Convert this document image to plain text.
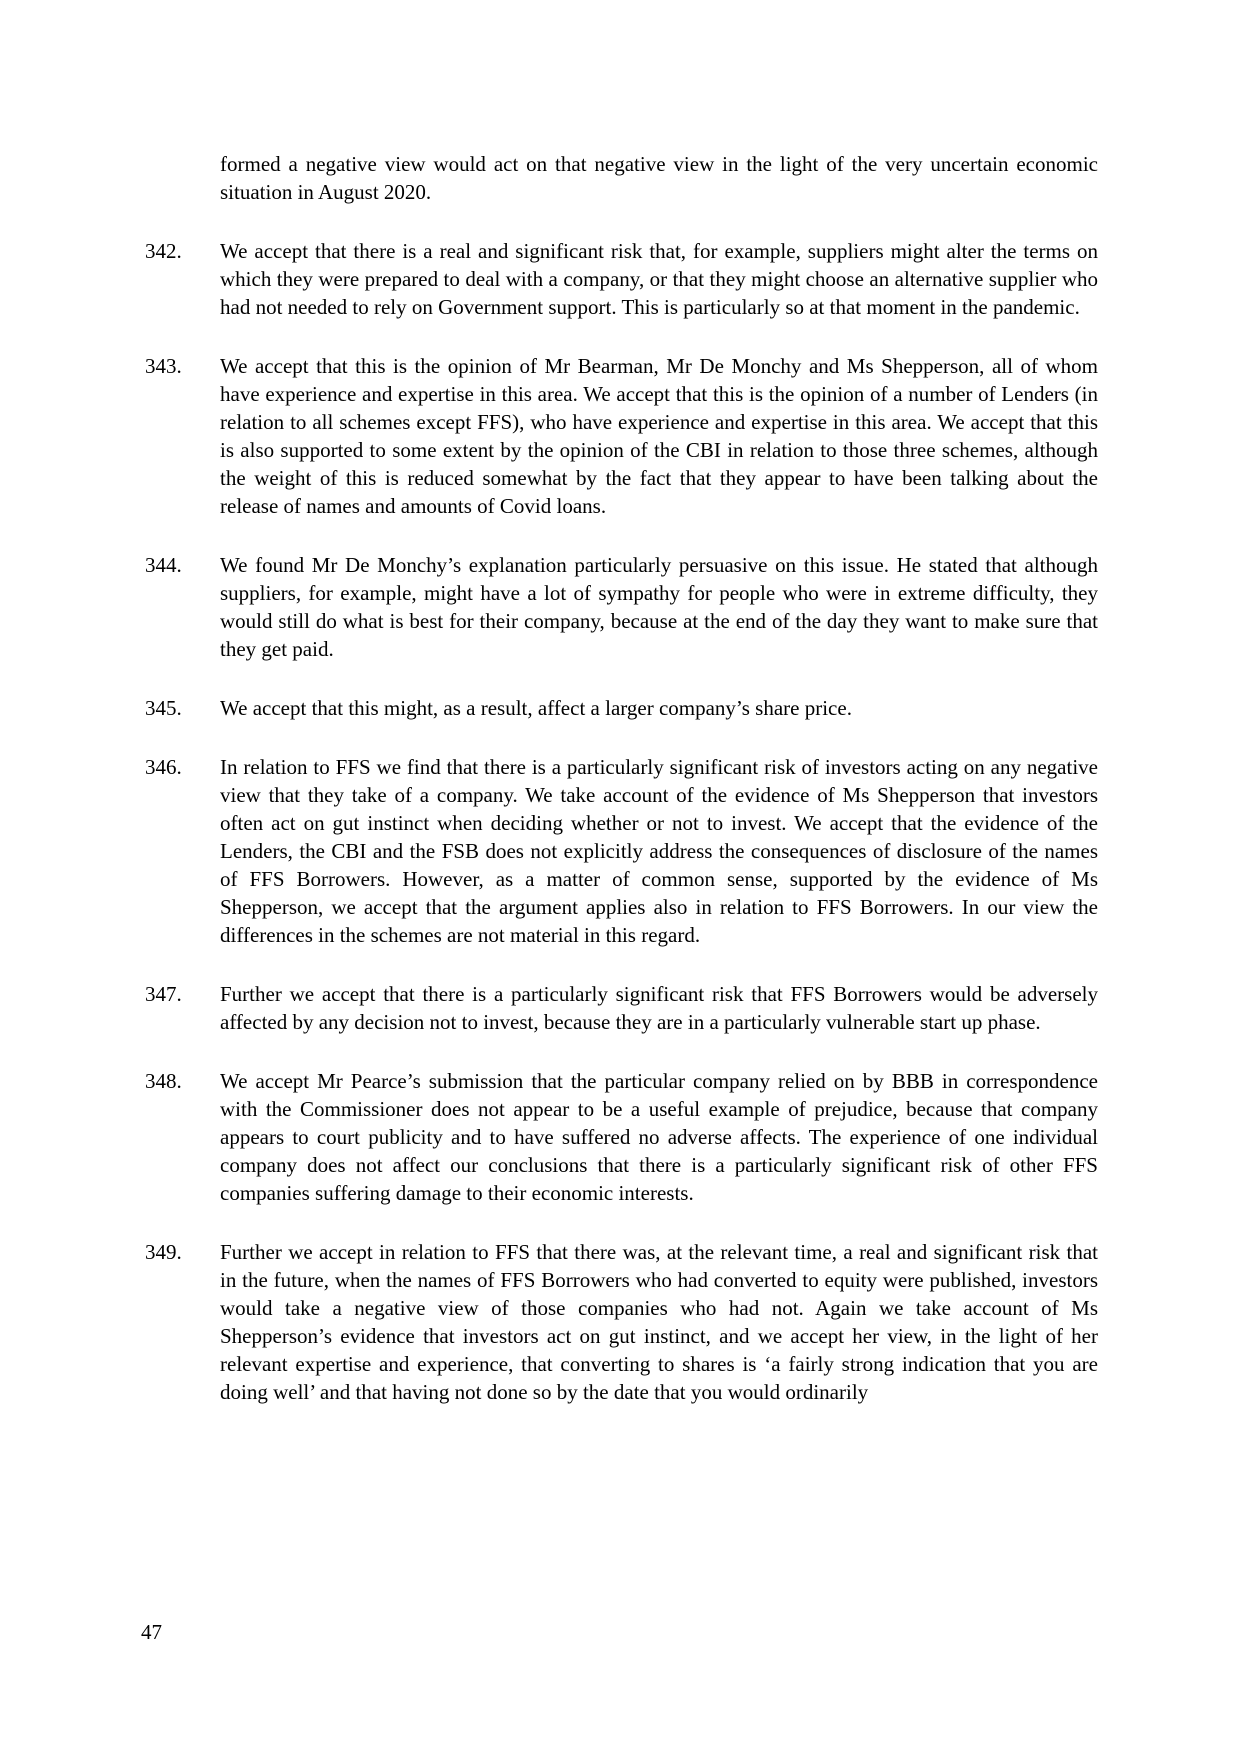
formed a negative view would act on that negative view in the light of the very uncertain economic situation in August 2020.

342.	We accept that there is a real and significant risk that, for example, suppliers might alter the terms on which they were prepared to deal with a company, or that they might choose an alternative supplier who had not needed to rely on Government support. This is particularly so at that moment in the pandemic.

343.	We accept that this is the opinion of Mr Bearman, Mr De Monchy and Ms Shepperson, all of whom have experience and expertise in this area. We accept that this is the opinion of a number of Lenders (in relation to all schemes except FFS), who have experience and expertise in this area. We accept that this is also supported to some extent by the opinion of the CBI in relation to those three schemes, although the weight of this is reduced somewhat by the fact that they appear to have been talking about the release of names and amounts of Covid loans.

344.	We found Mr De Monchy’s explanation particularly persuasive on this issue. He stated that although suppliers, for example, might have a lot of sympathy for people who were in extreme difficulty, they would still do what is best for their company, because at the end of the day they want to make sure that they get paid.

345.	We accept that this might, as a result, affect a larger company’s share price.

346.	In relation to FFS we find that there is a particularly significant risk of investors acting on any negative view that they take of a company. We take account of the evidence of Ms Shepperson that investors often act on gut instinct when deciding whether or not to invest. We accept that the evidence of the Lenders, the CBI and the FSB does not explicitly address the consequences of disclosure of the names of FFS Borrowers. However, as a matter of common sense, supported by the evidence of Ms Shepperson, we accept that the argument applies also in relation to FFS Borrowers. In our view the differences in the schemes are not material in this regard.

347.	Further we accept that there is a particularly significant risk that FFS Borrowers would be adversely affected by any decision not to invest, because they are in a particularly vulnerable start up phase.

348.	We accept Mr Pearce’s submission that the particular company relied on by BBB in correspondence with the Commissioner does not appear to be a useful example of prejudice, because that company appears to court publicity and to have suffered no adverse affects. The experience of one individual company does not affect our conclusions that there is a particularly significant risk of other FFS companies suffering damage to their economic interests.

349.	Further we accept in relation to FFS that there was, at the relevant time, a real and significant risk that in the future, when the names of FFS Borrowers who had converted to equity were published, investors would take a negative view of those companies who had not. Again we take account of Ms Shepperson’s evidence that investors act on gut instinct, and we accept her view, in the light of her relevant expertise and experience, that converting to shares is ‘a fairly strong indication that you are doing well’ and that having not done so by the date that you would ordinarily

47
